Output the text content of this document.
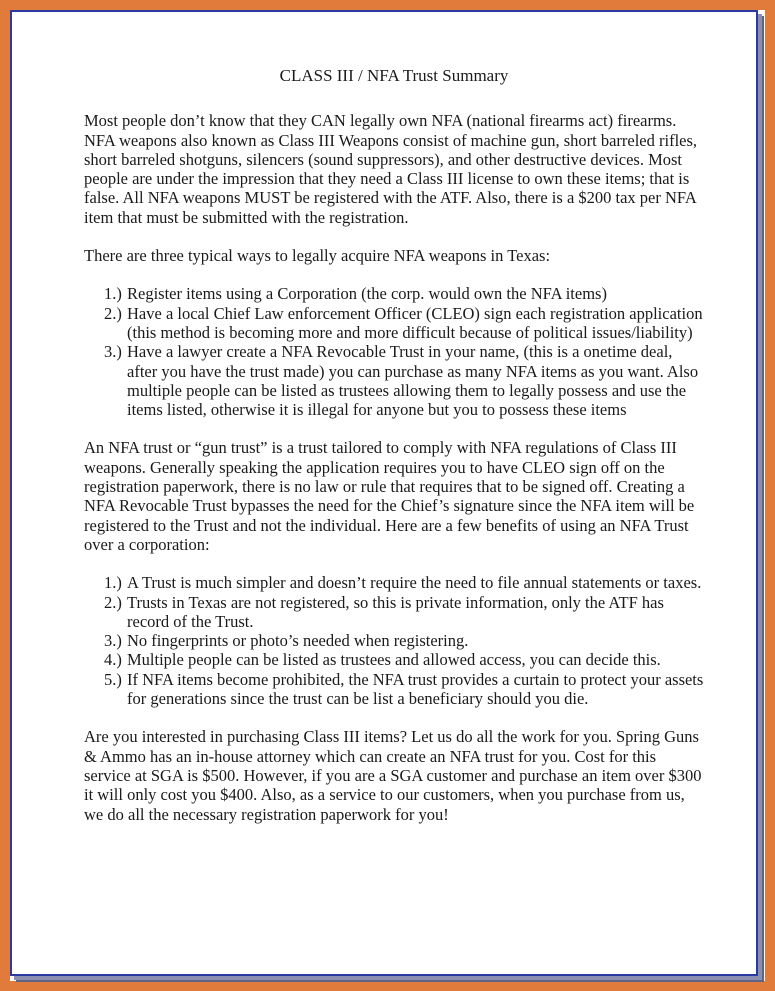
CLASS III / NFA Trust Summary

Most people don’t know that they CAN legally own NFA (national firearms act) firearms. NFA weapons also known as Class III Weapons consist of machine gun, short barreled rifles, short barreled shotguns, silencers (sound suppressors), and other destructive devices. Most people are under the impression that they need a Class III license to own these items; that is false. All NFA weapons MUST be registered with the ATF. Also, there is a $200 tax per NFA item that must be submitted with the registration.

There are three typical ways to legally acquire NFA weapons in Texas:

1.) Register items using a Corporation (the corp. would own the NFA items)
2.) Have a local Chief Law enforcement Officer (CLEO) sign each registration application (this method is becoming more and more difficult because of political issues/liability)
3.) Have a lawyer create a NFA Revocable Trust in your name, (this is a onetime deal, after you have the trust made) you can purchase as many NFA items as you want. Also multiple people can be listed as trustees allowing them to legally possess and use the items listed, otherwise it is illegal for anyone but you to possess these items

An NFA trust or “gun trust” is a trust tailored to comply with NFA regulations of Class III weapons. Generally speaking the application requires you to have CLEO sign off on the registration paperwork, there is no law or rule that requires that to be signed off. Creating a NFA Revocable Trust bypasses the need for the Chief’s signature since the NFA item will be registered to the Trust and not the individual. Here are a few benefits of using an NFA Trust over a corporation:

1.) A Trust is much simpler and doesn’t require the need to file annual statements or taxes.
2.) Trusts in Texas are not registered, so this is private information, only the ATF has record of the Trust.
3.) No fingerprints or photo’s needed when registering.
4.) Multiple people can be listed as trustees and allowed access, you can decide this.
5.) If NFA items become prohibited, the NFA trust provides a curtain to protect your assets for generations since the trust can be list a beneficiary should you die.

Are you interested in purchasing Class III items? Let us do all the work for you. Spring Guns & Ammo has an in-house attorney which can create an NFA trust for you. Cost for this service at SGA is $500. However, if you are a SGA customer and purchase an item over $300 it will only cost you $400. Also, as a service to our customers, when you purchase from us, we do all the necessary registration paperwork for you!
